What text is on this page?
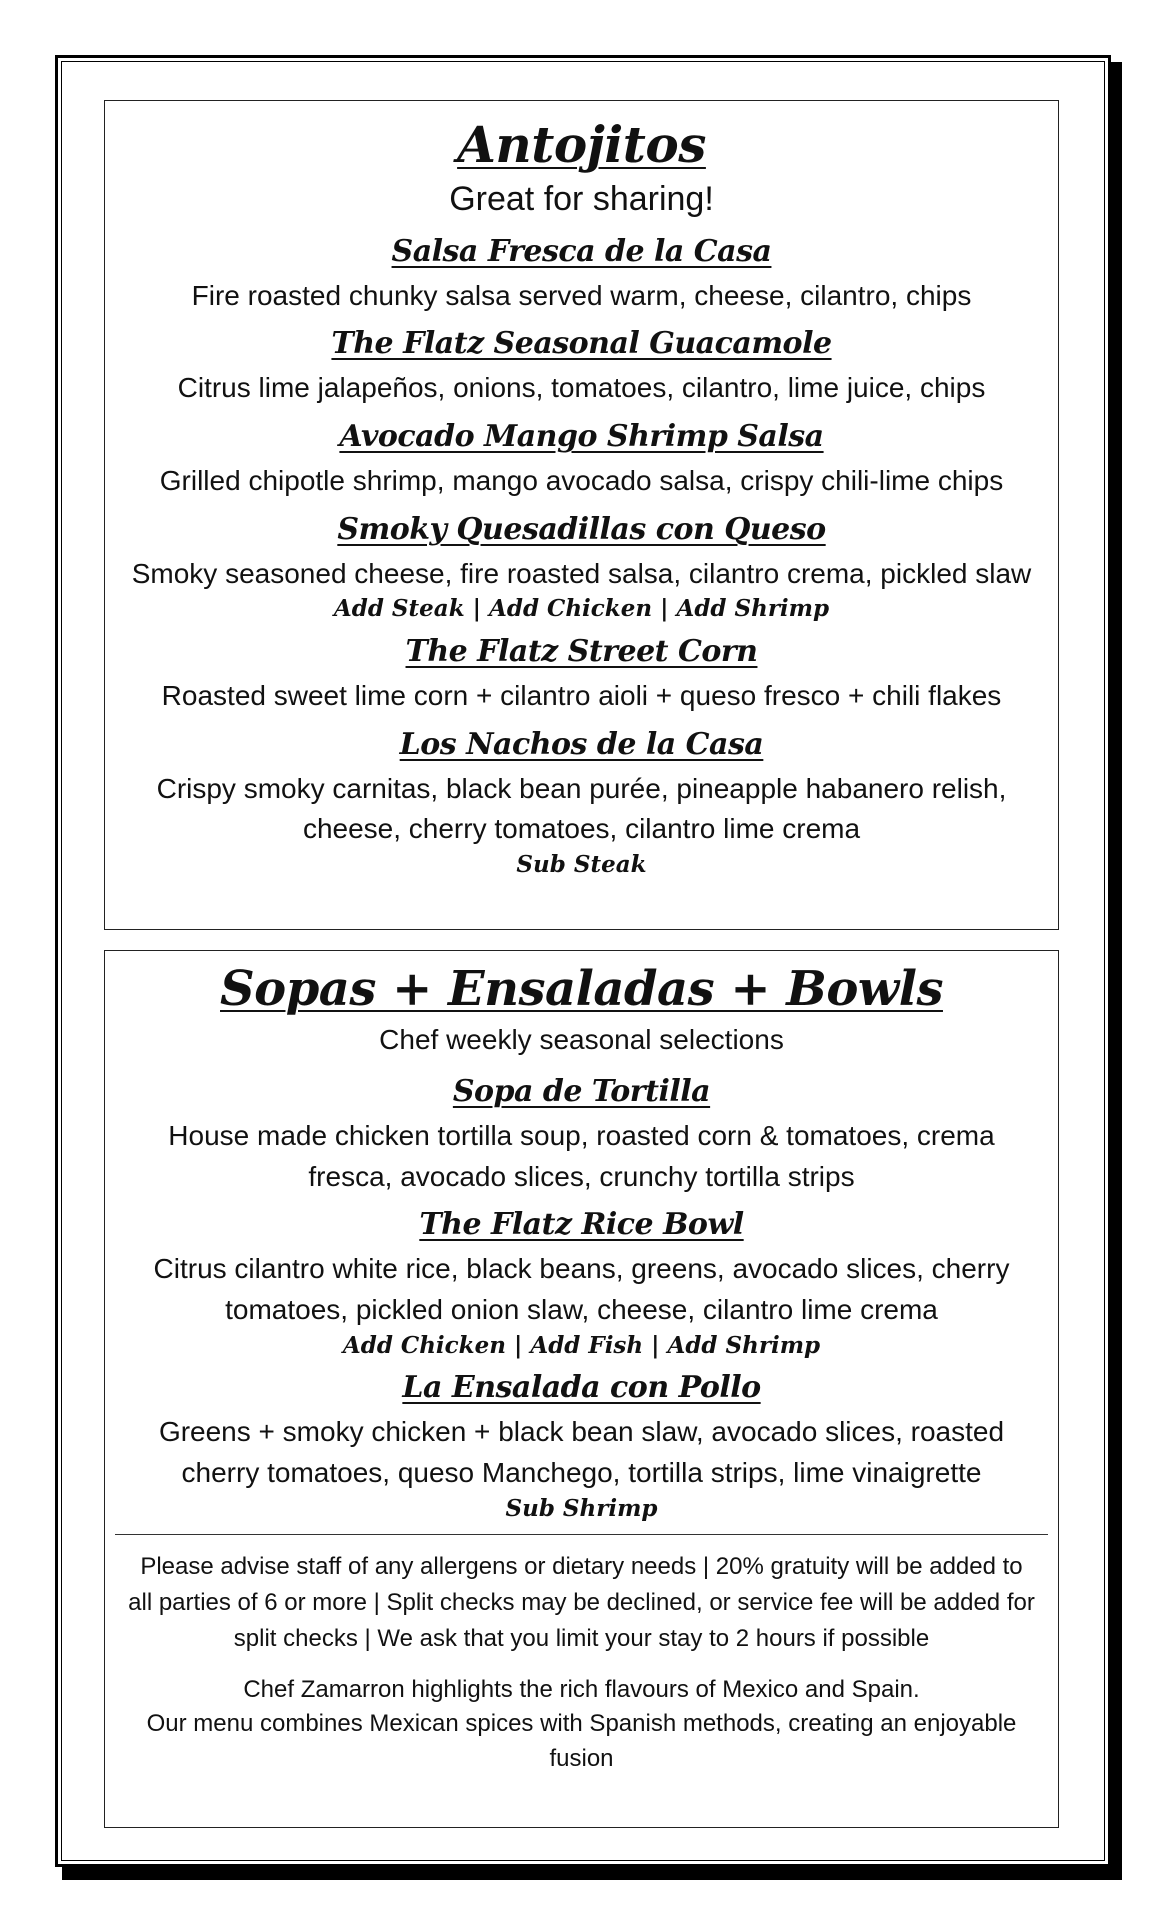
Antojitos

Great for sharing!

Salsa Fresca de la Casa

Fire roasted chunky salsa served warm, cheese, cilantro, chips

The Flatz Seasonal Guacamole

Citrus lime jalapeños, onions, tomatoes, cilantro, lime juice, chips

Avocado Mango Shrimp Salsa

Grilled chipotle shrimp, mango avocado salsa, crispy chili-lime chips

Smoky Quesadillas con Queso

Smoky seasoned cheese, fire roasted salsa, cilantro crema, pickled slaw

Add Steak | Add Chicken | Add Shrimp

The Flatz Street Corn

Roasted sweet lime corn + cilantro aioli + queso fresco + chili flakes

Los Nachos de la Casa

Crispy smoky carnitas, black bean purée, pineapple habanero relish, cheese, cherry tomatoes, cilantro lime crema

Sub Steak

Sopas + Ensaladas + Bowls

Chef weekly seasonal selections

Sopa de Tortilla

House made chicken tortilla soup, roasted corn & tomatoes, crema fresca, avocado slices, crunchy tortilla strips

The Flatz Rice Bowl

Citrus cilantro white rice, black beans, greens, avocado slices, cherry tomatoes, pickled onion slaw, cheese, cilantro lime crema

Add Chicken | Add Fish | Add Shrimp

La Ensalada con Pollo

Greens + smoky chicken + black bean slaw, avocado slices, roasted cherry tomatoes, queso Manchego, tortilla strips, lime vinaigrette

Sub Shrimp

Please advise staff of any allergens or dietary needs | 20% gratuity will be added to all parties of 6 or more | Split checks may be declined, or service fee will be added for split checks | We ask that you limit your stay to 2 hours if possible

Chef Zamarron highlights the rich flavours of Mexico and Spain.

Our menu combines Mexican spices with Spanish methods, creating an enjoyable fusion
